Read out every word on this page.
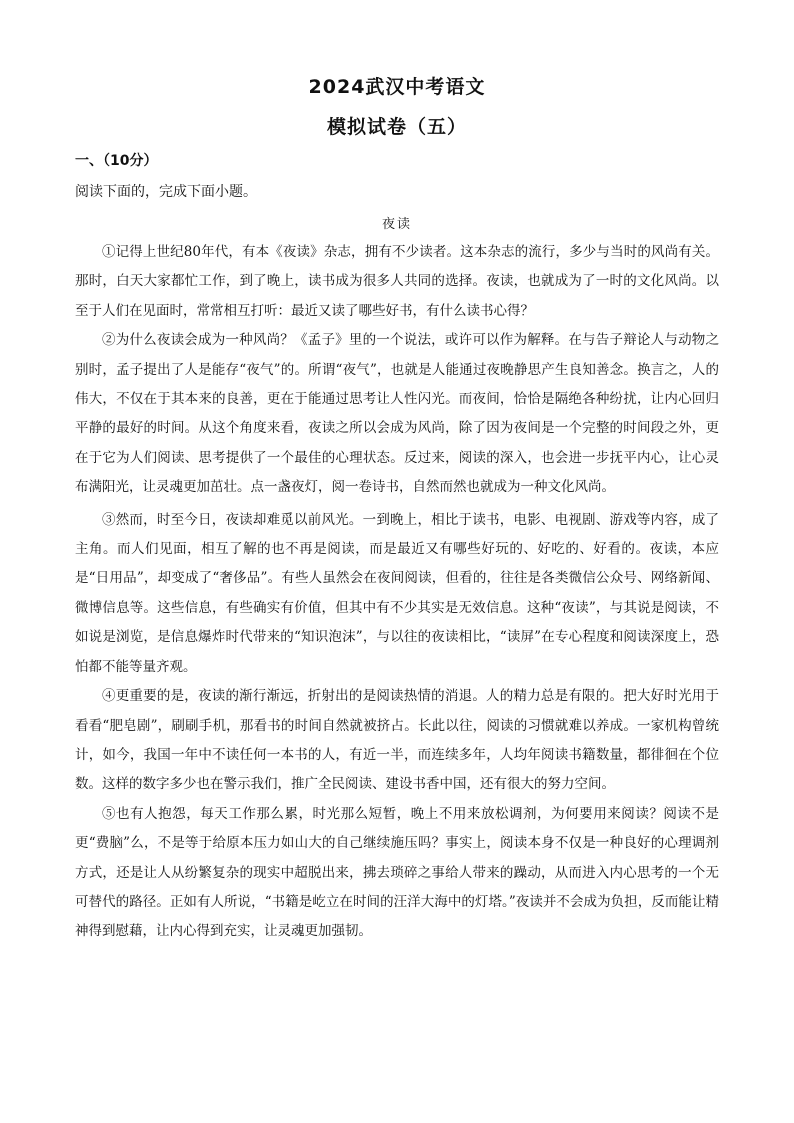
2024武汉中考语文
模拟试卷（五）
一、（10分）
阅读下面的，完成下面小题。
夜读

①记得上世纪80年代，有本《夜读》杂志，拥有不少读者。这本杂志的流行，多少与当时的风尚有关。那时，白天大家都忙工作，到了晚上，读书成为很多人共同的选择。夜读，也就成为了一时的文化风尚。以至于人们在见面时，常常相互打听：最近又读了哪些好书，有什么读书心得？

②为什么夜读会成为一种风尚？《孟子》里的一个说法，或许可以作为解释。在与告子辩论人与动物之别时，孟子提出了人是能存“夜气”的。所谓“夜气”，也就是人能通过夜晚静思产生良知善念。换言之，人的伟大，不仅在于其本来的良善，更在于能通过思考让人性闪光。而夜间，恰恰是隔绝各种纷扰，让内心回归平静的最好的时间。从这个角度来看，夜读之所以会成为风尚，除了因为夜间是一个完整的时间段之外，更在于它为人们阅读、思考提供了一个最佳的心理状态。反过来，阅读的深入，也会进一步抚平内心，让心灵布满阳光，让灵魂更加茁壮。点一盏夜灯，阅一卷诗书，自然而然也就成为一种文化风尚。

③然而，时至今日，夜读却难觅以前风光。一到晚上，相比于读书，电影、电视剧、游戏等内容，成了主角。而人们见面，相互了解的也不再是阅读，而是最近又有哪些好玩的、好吃的、好看的。夜读，本应是“日用品”，却变成了“奢侈品”。有些人虽然会在夜间阅读，但看的，往往是各类微信公众号、网络新闻、微博信息等。这些信息，有些确实有价值，但其中有不少其实是无效信息。这种“夜读”，与其说是阅读，不如说是浏览，是信息爆炸时代带来的“知识泡沫”，与以往的夜读相比，“读屏”在专心程度和阅读深度上，恐怕都不能等量齐观。

④更重要的是，夜读的渐行渐远，折射出的是阅读热情的消退。人的精力总是有限的。把大好时光用于看看“肥皂剧”，刷刷手机，那看书的时间自然就被挤占。长此以往，阅读的习惯就难以养成。一家机构曾统计，如今，我国一年中不读任何一本书的人，有近一半，而连续多年，人均年阅读书籍数量，都徘徊在个位数。这样的数字多少也在警示我们，推广全民阅读、建设书香中国，还有很大的努力空间。

⑤也有人抱怨，每天工作那么累，时光那么短暂，晚上不用来放松调剂，为何要用来阅读？阅读不是更“费脑”么，不是等于给原本压力如山大的自己继续施压吗？事实上，阅读本身不仅是一种良好的心理调剂方式，还是让人从纷繁复杂的现实中超脱出来，拂去琐碎之事给人带来的躁动，从而进入内心思考的一个无可替代的路径。正如有人所说，“书籍是屹立在时间的汪洋大海中的灯塔。”夜读并不会成为负担，反而能让精神得到慰藉，让内心得到充实，让灵魂更加强韧。
